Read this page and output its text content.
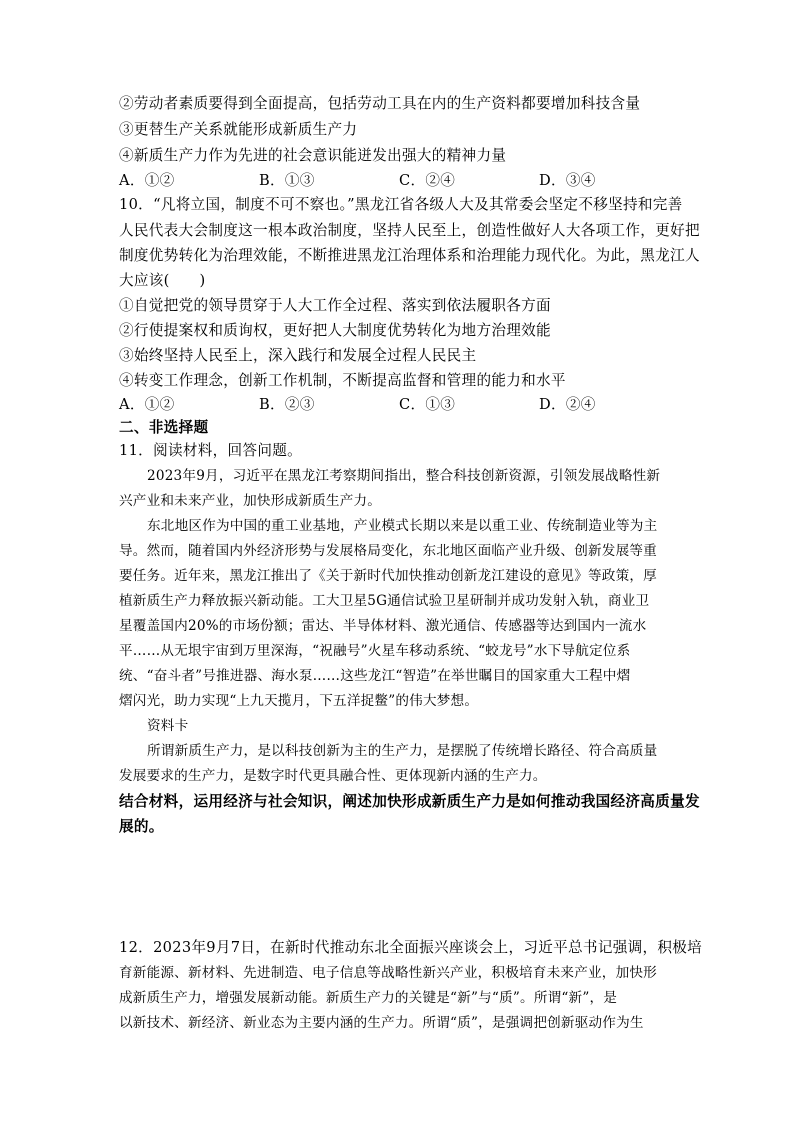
②劳动者素质要得到全面提高，包括劳动工具在内的生产资料都要增加科技含量
③更替生产关系就能形成新质生产力
④新质生产力作为先进的社会意识能迸发出强大的精神力量
A．①②	B．①③	C．②④	D．③④
10．“凡将立国，制度不可不察也。”黑龙江省各级人大及其常委会坚定不移坚持和完善
人民代表大会制度这一根本政治制度，坚持人民至上，创造性做好人大各项工作，更好把
制度优势转化为治理效能，不断推进黑龙江治理体系和治理能力现代化。为此，黑龙江人
大应该(　　)
①自觉把党的领导贯穿于人大工作全过程、落实到依法履职各方面
②行使提案权和质询权，更好把人大制度优势转化为地方治理效能
③始终坚持人民至上，深入践行和发展全过程人民民主
④转变工作理念，创新工作机制，不断提高监督和管理的能力和水平
A．①②	B．②③	C．①③	D．②④
二、非选择题
11．阅读材料，回答问题。
2023年9月，习近平在黑龙江考察期间指出，整合科技创新资源，引领发展战略性新
兴产业和未来产业，加快形成新质生产力。
东北地区作为中国的重工业基地，产业模式长期以来是以重工业、传统制造业等为主
导。然而，随着国内外经济形势与发展格局变化，东北地区面临产业升级、创新发展等重
要任务。近年来，黑龙江推出了《关于新时代加快推动创新龙江建设的意见》等政策，厚
植新质生产力释放振兴新动能。工大卫星5G通信试验卫星研制并成功发射入轨，商业卫
星覆盖国内20%的市场份额；雷达、半导体材料、激光通信、传感器等达到国内一流水
平……从无垠宇宙到万里深海，“祝融号”火星车移动系统、“蛟龙号”水下导航定位系
统、“奋斗者”号推进器、海水泵……这些龙江“智造”在举世瞩目的国家重大工程中熠
熠闪光，助力实现“上九天揽月，下五洋捉鳖”的伟大梦想。
资料卡
所谓新质生产力，是以科技创新为主的生产力，是摆脱了传统增长路径、符合高质量
发展要求的生产力，是数字时代更具融合性、更体现新内涵的生产力。
结合材料，运用经济与社会知识，阐述加快形成新质生产力是如何推动我国经济高质量发
展的。
12．2023年9月7日，在新时代推动东北全面振兴座谈会上，习近平总书记强调，积极培
育新能源、新材料、先进制造、电子信息等战略性新兴产业，积极培育未来产业，加快形
成新质生产力，增强发展新动能。新质生产力的关键是“新”与“质”。所谓“新”，是
以新技术、新经济、新业态为主要内涵的生产力。所谓“质”，是强调把创新驱动作为生
